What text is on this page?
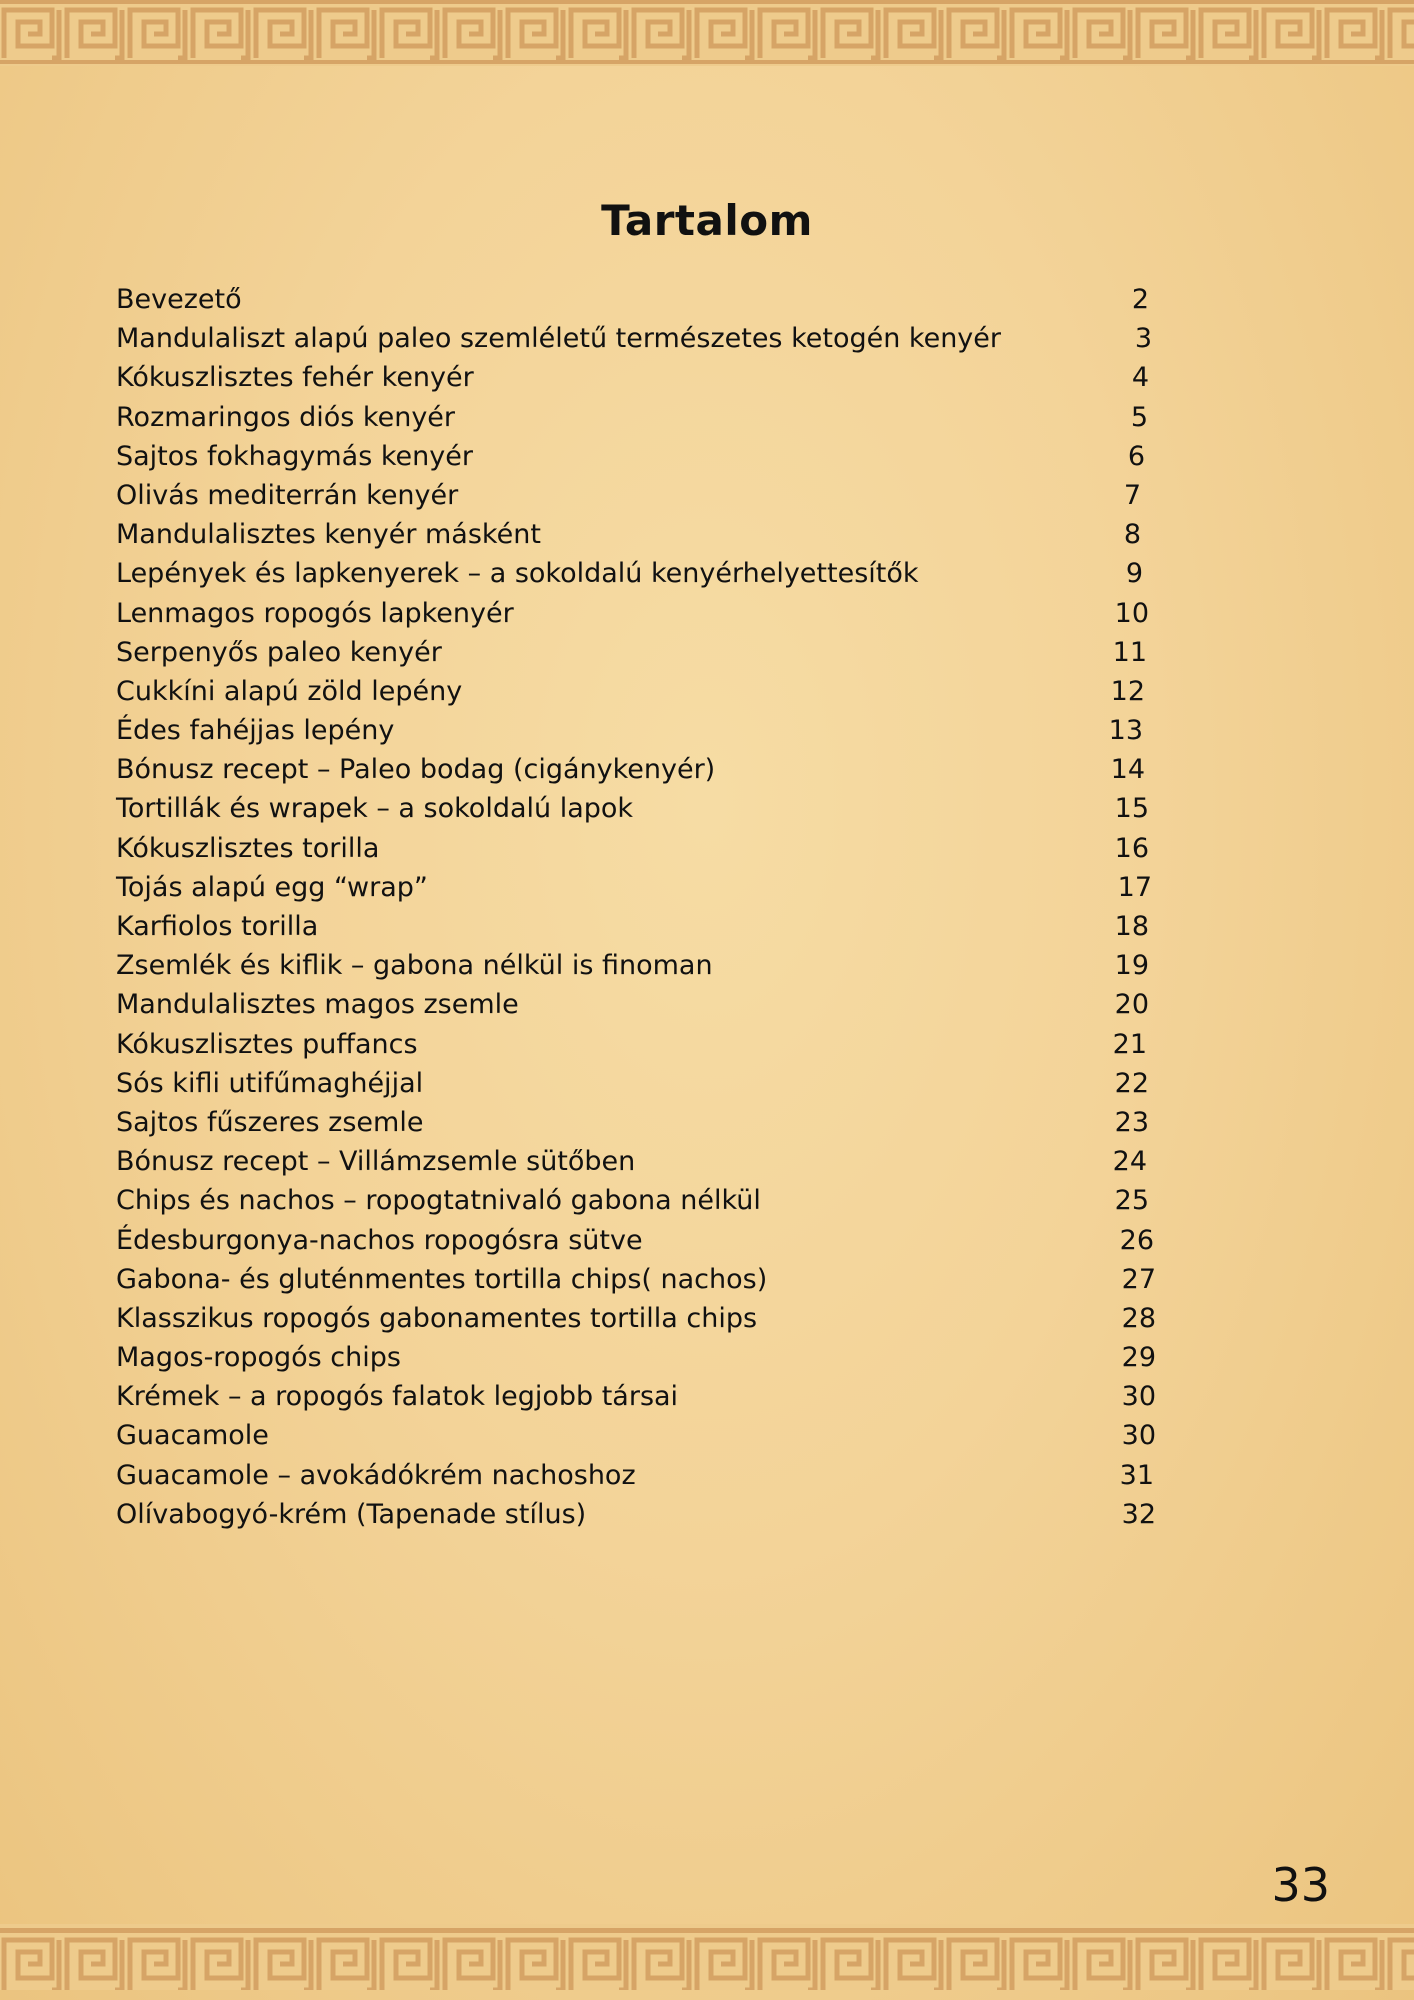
Tartalom
Bevezető	2
Mandulaliszt alapú paleo szemléletű természetes ketogén kenyér	3
Kókuszlisztes fehér kenyér	4
Rozmaringos diós kenyér	5
Sajtos fokhagymás kenyér	6
Olivás mediterrán kenyér	7
Mandulalisztes kenyér másként	8
Lepények és lapkenyerek – a sokoldalú kenyérhelyettesítők	9
Lenmagos ropogós lapkenyér	10
Serpenyős paleo kenyér	11
Cukkíni alapú zöld lepény	12
Édes fahéjjas lepény	13
Bónusz recept – Paleo bodag (cigánykenyér)	14
Tortillák és wrapek – a sokoldalú lapok	15
Kókuszlisztes torilla	16
Tojás alapú egg “wrap”	17
Karfiolos torilla	18
Zsemlék és kiflik – gabona nélkül is finoman	19
Mandulalisztes magos zsemle	20
Kókuszlisztes puffancs	21
Sós kifli utifűmaghéjjal	22
Sajtos fűszeres zsemle	23
Bónusz recept – Villámzsemle sütőben	24
Chips és nachos – ropogtatnivaló gabona nélkül	25
Édesburgonya-nachos ropogósra sütve	26
Gabona- és gluténmentes tortilla chips( nachos)	27
Klasszikus ropogós gabonamentes tortilla chips	28
Magos-ropogós chips	29
Krémek – a ropogós falatok legjobb társai	30
Guacamole	30
Guacamole – avokádókrém nachoshoz	31
Olívabogyó-krém (Tapenade stílus)	32
33
